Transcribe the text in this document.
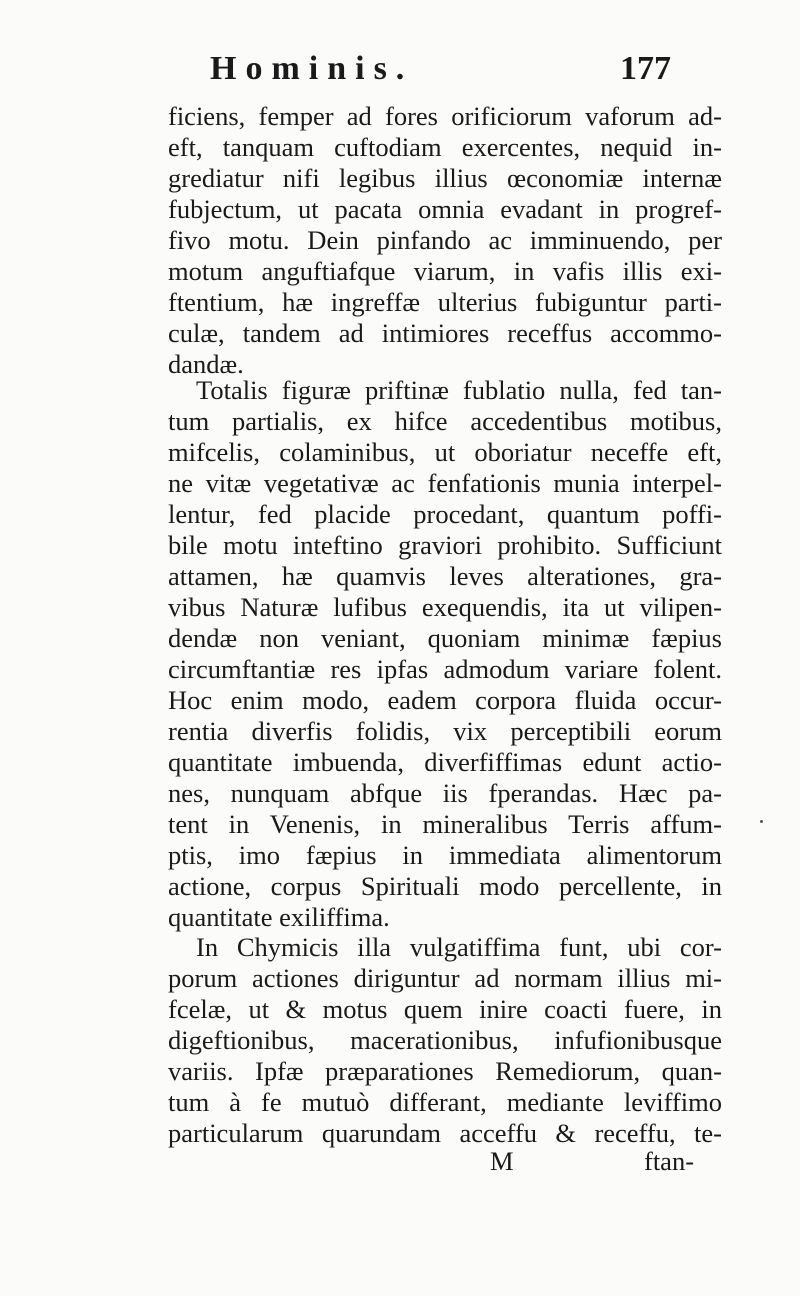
Hominis.	177
ficiens, femper ad fores orificiorum vaforum ad-
eft, tanquam cuftodiam exercentes, nequid in-
grediatur nifi legibus illius œconomiæ internæ
fubjectum, ut pacata omnia evadant in progref-
fivo motu. Dein pinfando ac imminuendo, per
motum anguftiafque viarum, in vafis illis exi-
ftentium, hæ ingreffæ ulterius fubiguntur parti-
culæ, tandem ad intimiores receffus accommo-
dandæ.
Totalis figuræ priftinæ fublatio nulla, fed tan-
tum partialis, ex hifce accedentibus motibus,
mifcelis, colaminibus, ut oboriatur neceffe eft,
ne vitæ vegetativæ ac fenfationis munia interpel-
lentur, fed placide procedant, quantum poffi-
bile motu inteftino graviori prohibito. Sufficiunt
attamen, hæ quamvis leves alterationes, gra-
vibus Naturæ lufibus exequendis, ita ut vilipen-
dendæ non veniant, quoniam minimæ fæpius
circumftantiæ res ipfas admodum variare folent.
Hoc enim modo, eadem corpora fluida occur-
rentia diverfis folidis, vix perceptibili eorum
quantitate imbuenda, diverfiffimas edunt actio-
nes, nunquam abfque iis fperandas. Hæc pa-
tent in Venenis, in mineralibus Terris affum-
ptis, imo fæpius in immediata alimentorum
actione, corpus Spirituali modo percellente, in
quantitate exiliffima.
In Chymicis illa vulgatiffima funt, ubi cor-
porum actiones diriguntur ad normam illius mi-
fcelæ, ut & motus quem inire coacti fuere, in
digeftionibus, macerationibus, infufionibusque
variis. Ipfæ præparationes Remediorum, quan-
tum à fe mutuò differant, mediante leviffimo
particularum quarundam acceffu & receffu, te-
M	ftan-
